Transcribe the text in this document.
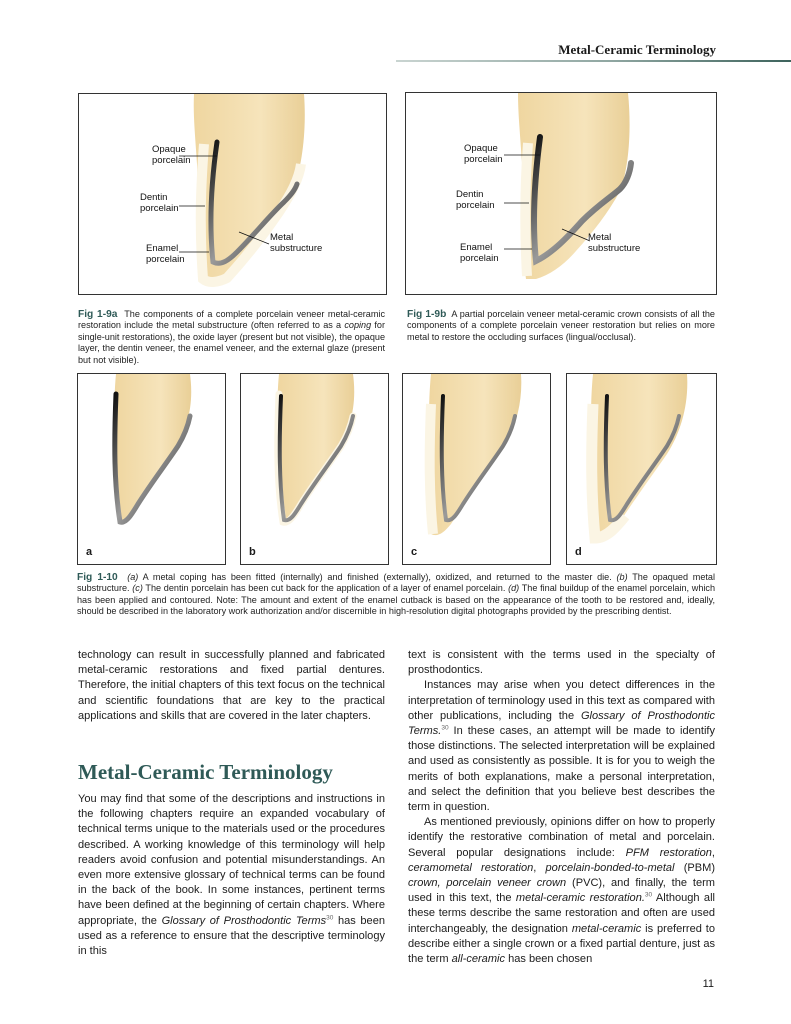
Metal-Ceramic Terminology
Opaque
porcelain
Dentin
porcelain
Enamel
porcelain
Metal
substructure
Opaque
porcelain
Dentin
porcelain
Enamel
porcelain
Metal
substructure
Fig 1-9a The components of a complete porcelain veneer metal-ceramic restoration include the metal substructure (often referred to as a coping for single-unit restorations), the oxide layer (present but not visible), the opaque layer, the dentin veneer, the enamel veneer, and the external glaze (present but not visible).
Fig 1-9b A partial porcelain veneer metal-ceramic crown consists of all the components of a complete porcelain veneer restoration but relies on more metal to restore the occluding surfaces (lingual/occlusal).
a	b	c	d
Fig 1-10 (a) A metal coping has been fitted (internally) and finished (externally), oxidized, and returned to the master die. (b) The opaqued metal substructure. (c) The dentin porcelain has been cut back for the application of a layer of enamel porcelain. (d) The final buildup of the enamel porcelain, which has been applied and contoured. Note: The amount and extent of the enamel cutback is based on the appearance of the tooth to be restored and, ideally, should be described in the laboratory work authorization and/or discernible in high-resolution digital photographs provided by the prescribing dentist.

technology can result in successfully planned and fabricated metal-ceramic restorations and fixed partial dentures. Therefore, the initial chapters of this text focus on the technical and scientific foundations that are key to the practical applications and skills that are covered in the later chapters.

Metal-Ceramic Terminology

You may find that some of the descriptions and instructions in the following chapters require an expanded vocabulary of technical terms unique to the materials used or the procedures described. A working knowledge of this terminology will help readers avoid confusion and potential misunderstandings. An even more extensive glossary of technical terms can be found in the back of the book. In some instances, pertinent terms have been defined at the beginning of certain chapters. Where appropriate, the Glossary of Prosthodontic Terms$^{30}$ has been used as a reference to ensure that the descriptive terminology in this

text is consistent with the terms used in the specialty of prosthodontics.

Instances may arise when you detect differences in the interpretation of terminology used in this text as compared with other publications, including the Glossary of Prosthodontic Terms.$^{30}$ In these cases, an attempt will be made to identify those distinctions. The selected interpretation will be explained and used as consistently as possible. It is for you to weigh the merits of both explanations, make a personal interpretation, and select the definition that you believe best describes the term in question.

As mentioned previously, opinions differ on how to properly identify the restorative combination of metal and porcelain. Several popular designations include: PFM restoration, ceramometal restoration, porcelain-bonded-to-metal (PBM) crown, porcelain veneer crown (PVC), and finally, the term used in this text, the metal-ceramic restoration.$^{30}$ Although all these terms describe the same restoration and often are used interchangeably, the designation metal-ceramic is preferred to describe either a single crown or a fixed partial denture, just as the term all-ceramic has been chosen

11
